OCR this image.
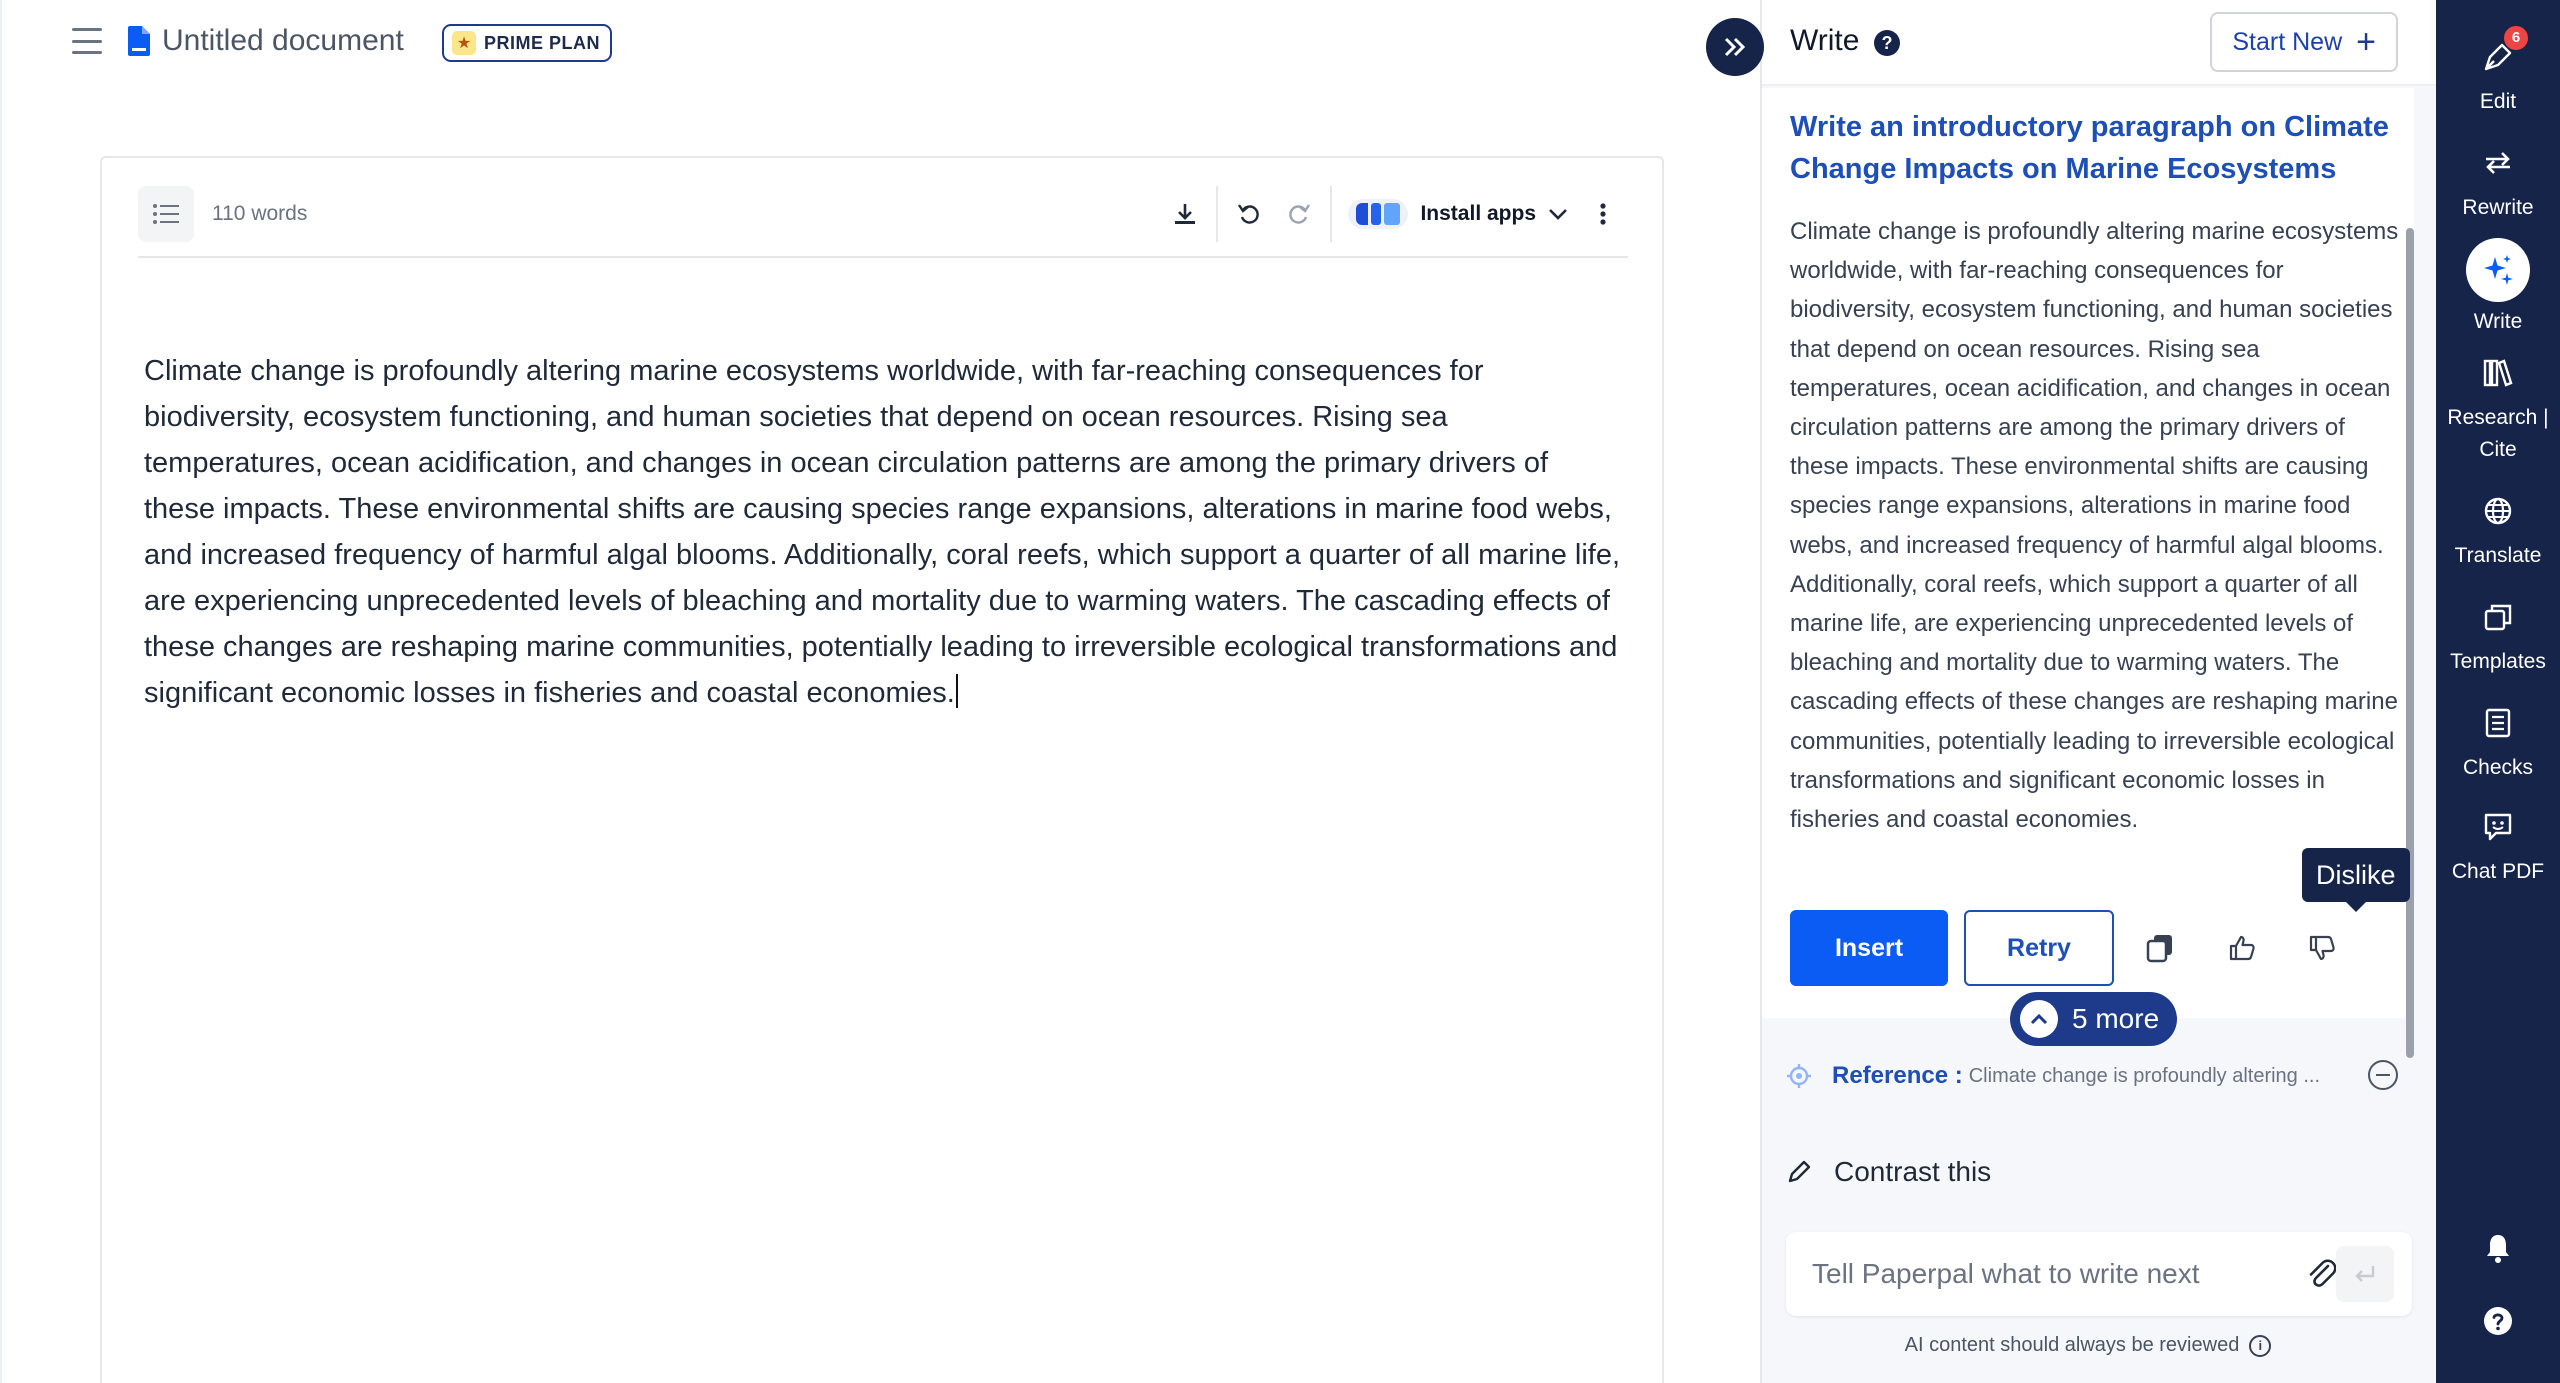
Untitled document	★ PRIME PLAN
110 words	Install apps
Climate change is profoundly altering marine ecosystems worldwide, with far-reaching consequences for biodiversity, ecosystem functioning, and human societies that depend on ocean resources. Rising sea temperatures, ocean acidification, and changes in ocean circulation patterns are among the primary drivers of these impacts. These environmental shifts are causing species range expansions, alterations in marine food webs, and increased frequency of harmful algal blooms. Additionally, coral reefs, which support a quarter of all marine life, are experiencing unprecedented levels of bleaching and mortality due to warming waters. The cascading effects of these changes are reshaping marine communities, potentially leading to irreversible ecological transformations and significant economic losses in fisheries and coastal economies.
Write	?	Start New +
Write an introductory paragraph on Climate Change Impacts on Marine Ecosystems
Climate change is profoundly altering marine ecosystems worldwide, with far-reaching consequences for biodiversity, ecosystem functioning, and human societies that depend on ocean resources. Rising sea temperatures, ocean acidification, and changes in ocean circulation patterns are among the primary drivers of these impacts. These environmental shifts are causing species range expansions, alterations in marine food webs, and increased frequency of harmful algal blooms. Additionally, coral reefs, which support a quarter of all marine life, are experiencing unprecedented levels of bleaching and mortality due to warming waters. The cascading effects of these changes are reshaping marine communities, potentially leading to irreversible ecological transformations and significant economic losses in fisheries and coastal economies.
Insert	Retry
Reference : Climate change is profoundly altering ...
Contrast this
Tell Paperpal what to write next
AI content should always be reviewed	i
Dislike
5 more
6
Edit
Rewrite
Write
Research | Cite
Translate
Templates
Checks
Chat PDF
